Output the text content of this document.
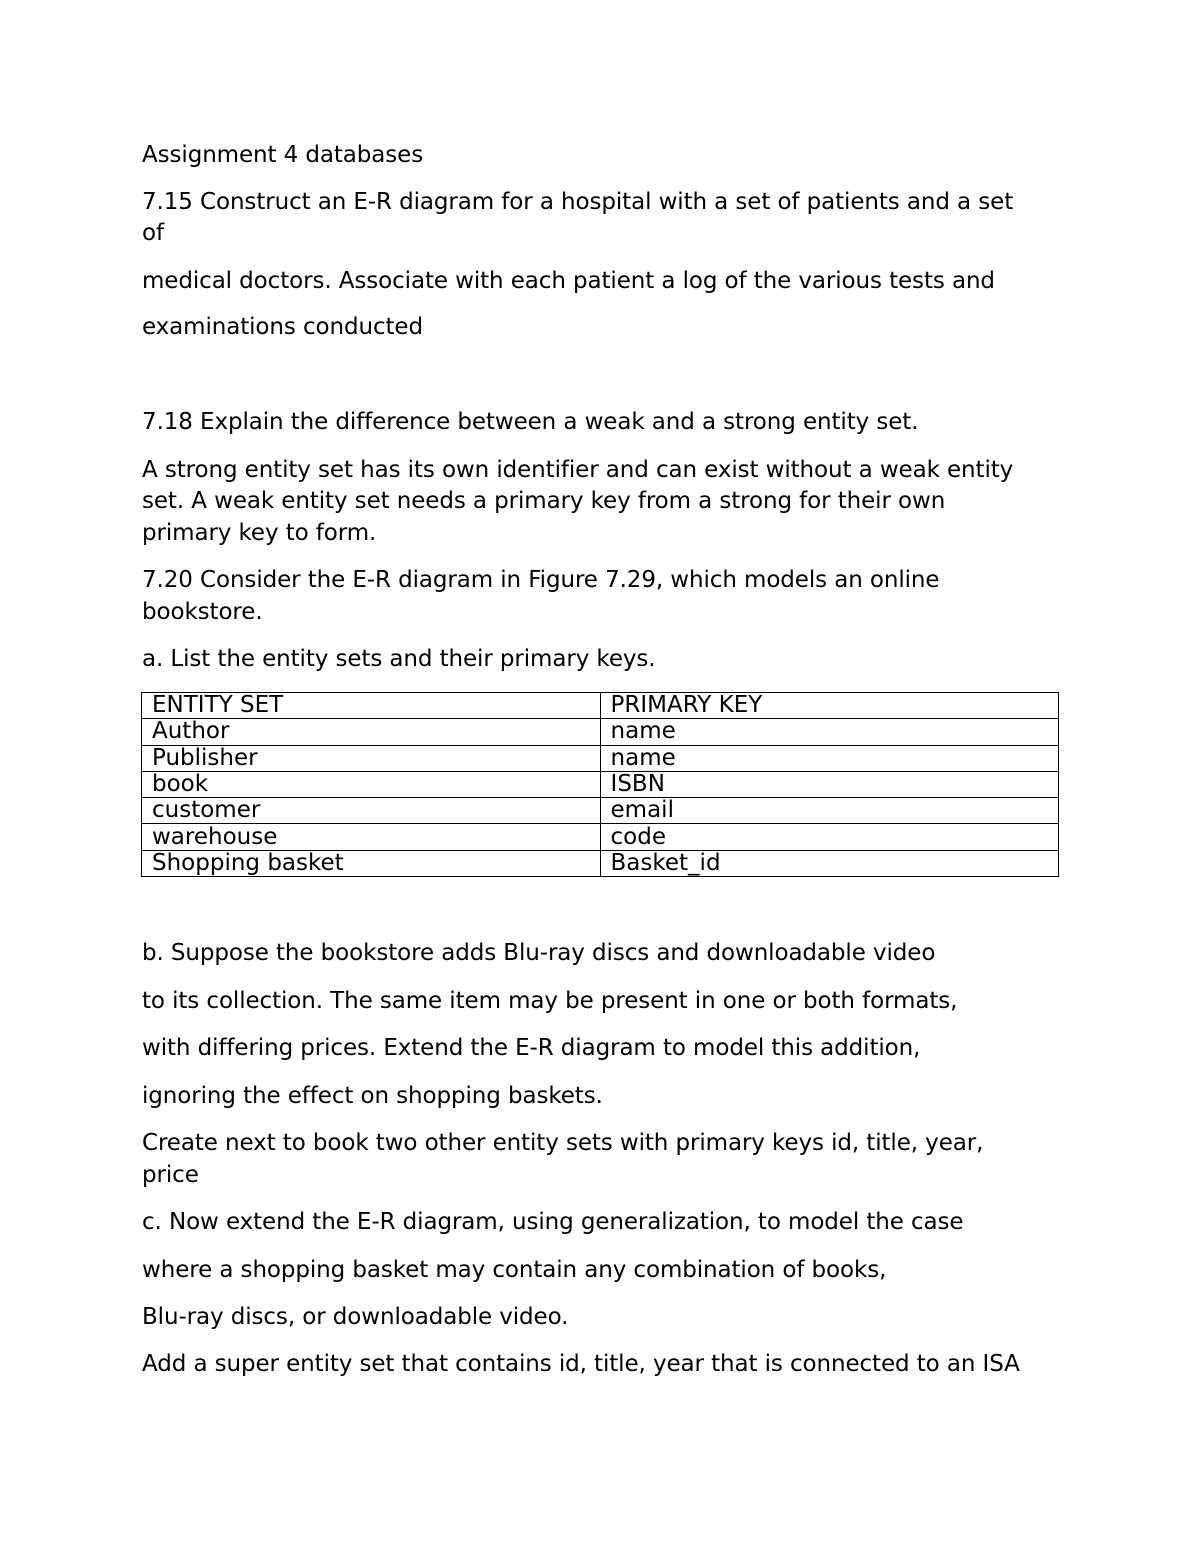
Assignment 4 databases

7.15 Construct an E-R diagram for a hospital with a set of patients and a set

of

medical doctors. Associate with each patient a log of the various tests and

examinations conducted

7.18 Explain the difference between a weak and a strong entity set.

A strong entity set has its own identifier and can exist without a weak entity

set. A weak entity set needs a primary key from a strong for their own

primary key to form.

7.20 Consider the E-R diagram in Figure 7.29, which models an online

bookstore.

a. List the entity sets and their primary keys.

ENTITY SET	PRIMARY KEY
Author	name
Publisher	name
book	ISBN
customer	email
warehouse	code
Shopping basket	Basket_id

b. Suppose the bookstore adds Blu-ray discs and downloadable video

to its collection. The same item may be present in one or both formats,

with differing prices. Extend the E-R diagram to model this addition,

ignoring the effect on shopping baskets.

Create next to book two other entity sets with primary keys id, title, year,

price

c. Now extend the E-R diagram, using generalization, to model the case

where a shopping basket may contain any combination of books,

Blu-ray discs, or downloadable video.

Add a super entity set that contains id, title, year that is connected to an ISA
